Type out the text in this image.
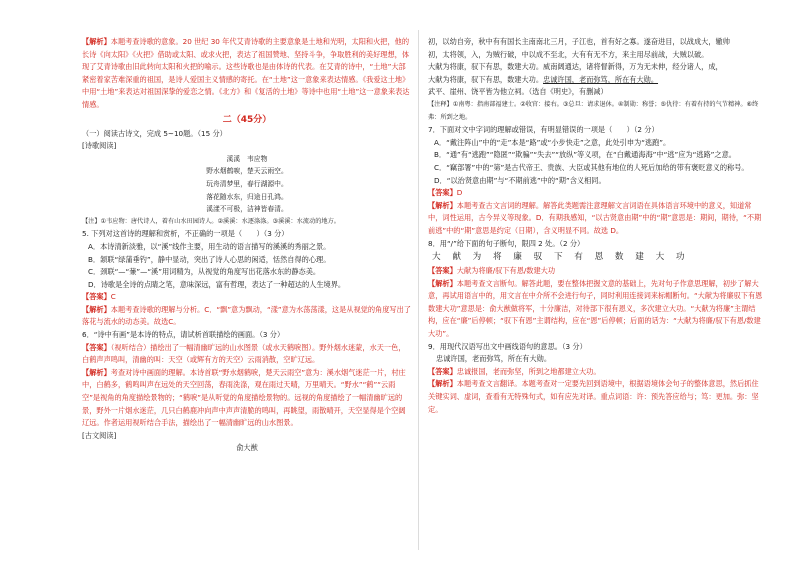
【解析】本题考查诗歌的意象。20 世纪 30 年代艾青诗歌的主要意象是土地和光明，太阳和火把，他的长诗《向太阳》《火把》借助或太阳、或求火把，表达了祖国赞地、坚持斗争，争取胜利的美好理想，体现了艾青诗歌由旧此转向太阳和火把的喻示。这些诗歌也是由体诗的代表。在艾青的诗中，“土地”大部紧密着家苦难深重的祖国，是诗人爱国主义情感的寄托。在“土地”这一意象来表达情感。《我爱这土地》中用“土地”来表达对祖国深挚的爱恋之情。《北方》和《复活的土地》等诗中也用“土地”这一意象来表达情感。

二（45分）

（一）阅读古诗文，完成 5~10题。（15 分）

[诗歌阅读]

溪溪　韦应物

野水烟鹤唳，楚天云雨空。

玩舟清梦里，春行湖源中。

落花随水东，归途日孔鸿。

溪漾不可极，洁神皆春清。

【注】①韦应物：唐代诗人，着有山水田园诗人。②溪溪：水逐涤涤。③溪溪：水流动的地方。

5. 下列对这首诗的理解和赏析，不正确的一项是（　　）（3 分）

A．本诗清新淡雅，以“溪”线作主要，用生动的语言描写的溪溪的秀丽之景。

B．颔联“绿蒲垂钓”，静中显动，突出了诗人心思的闲适，恬然自得的心理。

C．颈联“—“蒹”—“溪”用词精为，从视觉的角度写出花落水东的静态美。

D．诗歌是全诗的点睛之笔，意味深远，富有哲理，表达了一种超达的人生境界。

【答案】C

【解析】本题考查诗歌的理解与分析。C．“飘”意为飘动，“漾”意为水荡荡漾，这是从视觉的角度写出了落花与流水的动态美。故选C。

6．“诗中有画”是本诗的特点，请试析首联描绘的画面。（3 分）

【答案】（视听结合）描绘出了一幅清幽旷远的山水图景（或水天鹤唳图）。野外烟水迷蒙，水天一色，白鹤声声鸣叫，清幽的叫：天空（或辉有方的天空）云雨消散，空旷辽远。

【解析】考查对诗中画面的理解。本诗首联“野水烟鹤唳，楚天云雨空”意为：溪水烟气迷茫一片，村庄中，白鹤多，鹤鸣叫声在远处的天空回荡，春雨洗涤，观在雨过天晴，万里晴天。“野水”“鹤”“云雨空”是视角的角度描绘景物的；“鹤唳”是从听觉的角度描绘景物的。远视的角度描绘了一幅清幽旷远的景，野外一片烟水迷茫，几只白鹤鹿冲向声中声声清脆的鸣叫，再眺望，雨散晴开，天空显得是个空阔辽远。作者运用视听结合手法，描绘出了一幅清幽旷远的山水图景。

[古文阅读]

俞大猷

初，以幼自旁，秋中有有国长主南南北三月，子江也，首有好之寡。遂奋进目，以战成大，辙帅

初，太将领，入，为贼行破，中以成不至北，大有有无不方，来主用尽前战，大贼以破。

大献为将康，驭下有思，数建大功。威南阔通达，诸将督新得，万为无未伸，经分诸人，成，

大献为将康，驭下有思，数建大功。忠诚许国，老而弥笃，所在有大勋。

武平、崖州、饶平皆为他立祠。（选自《明史》，有删减）

【注释】①南粤：指南部福建士。②收官：接右。③总旦：请求退休。④制勋：称誉；⑤仇待：有着有持的气节精神。⑥终弗：所到之地。

7．下面对文中字词的理解或错误，有明显错误的一项是（　　）（2 分）

A．“戴注阵山”中的“走”本是“路”或“小步快走”之意，此处引申为“逃跑”。

B．“通”有“逃跑”“隐匿”“欺骗”“失去”“放纵”等义项，在“白戴通海海”中“逃”应为“逃路”之意。

C．“竊部署”中的“第”是古代帝王、贵族、大臣或其他有地位的人死后加给的带有褒贬意义的称号。

D．“以治贤意由期”与“不期前逃”中的“期”含义相同。

【答案】D

【解析】本题考查古文言词的理解。解答此类题需注意理解文言词语在具体语言环境中的意义，知道常中，词性运用，古今异义等现象。D．有期我感知，“以古贤意由期”中的“期”意思是：期间，期待，“不期前逃”中的“期”意思是约定（日期），含义明显不同。故选 D。

8．用“/”给下面的句子断句，限四 2 处。（2 分）

大 献 为 将 廉 驭 下 有 恩 数 建 大 功

【答案】大献为将廉/驭下有恩/数建大功

【解析】本题考查文言断句。解答此题，要在整体把握文意的基础上，先对句子作意思理解，初步了解大意，再试用语言中的，用文言在中介所不会进行句子，同时利用连接词来标帽断句。“大献为将廉驭下有恩数建大功”意思是：俞大猷做将军，十分廉洁，对待部下很有恩义，多次建立大功。“大献为将廉”主谓结构，应在“廉”后停顿；“驭下有恩”主谓结构，应在“恩”后停顿；后面的话为：“大献为将廉/驭下有恩/数建大功”。

9．用现代汉语写出文中画线语句的意思。（3 分）

忠诚许国，老而弥笃，所在有大勋。

【答案】忠诚报国，老而弥坚，所到之地都建立大功。

【解析】本题考查文言翻译。本题考查对一定要先回到语境中，根据语境体会句子的整体意思，然后抓住关键实词、虚词，查看有无特殊句式，如有应先对译。重点词语：许：预先答应给与；笃：更加。弥：坚定。
